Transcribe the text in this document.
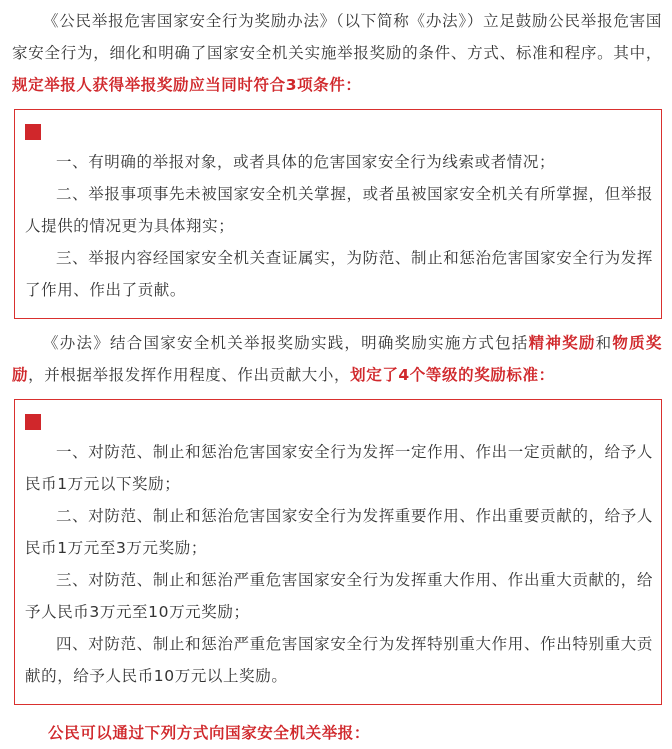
《公民举报危害国家安全行为奖励办法》（以下简称《办法》）立足鼓励公民举报危害国家安全行为，细化和明确了国家安全机关实施举报奖励的条件、方式、标准和程序。其中，规定举报人获得举报奖励应当同时符合3项条件：

一、有明确的举报对象，或者具体的危害国家安全行为线索或者情况；

二、举报事项事先未被国家安全机关掌握，或者虽被国家安全机关有所掌握，但举报人提供的情况更为具体翔实；

三、举报内容经国家安全机关查证属实，为防范、制止和惩治危害国家安全行为发挥了作用、作出了贡献。

《办法》结合国家安全机关举报奖励实践，明确奖励实施方式包括精神奖励和物质奖励，并根据举报发挥作用程度、作出贡献大小，划定了4个等级的奖励标准：

一、对防范、制止和惩治危害国家安全行为发挥一定作用、作出一定贡献的，给予人民币1万元以下奖励；

二、对防范、制止和惩治危害国家安全行为发挥重要作用、作出重要贡献的，给予人民币1万元至3万元奖励；

三、对防范、制止和惩治严重危害国家安全行为发挥重大作用、作出重大贡献的，给予人民币3万元至10万元奖励；

四、对防范、制止和惩治严重危害国家安全行为发挥特别重大作用、作出特别重大贡献的，给予人民币10万元以上奖励。

公民可以通过下列方式向国家安全机关举报：
